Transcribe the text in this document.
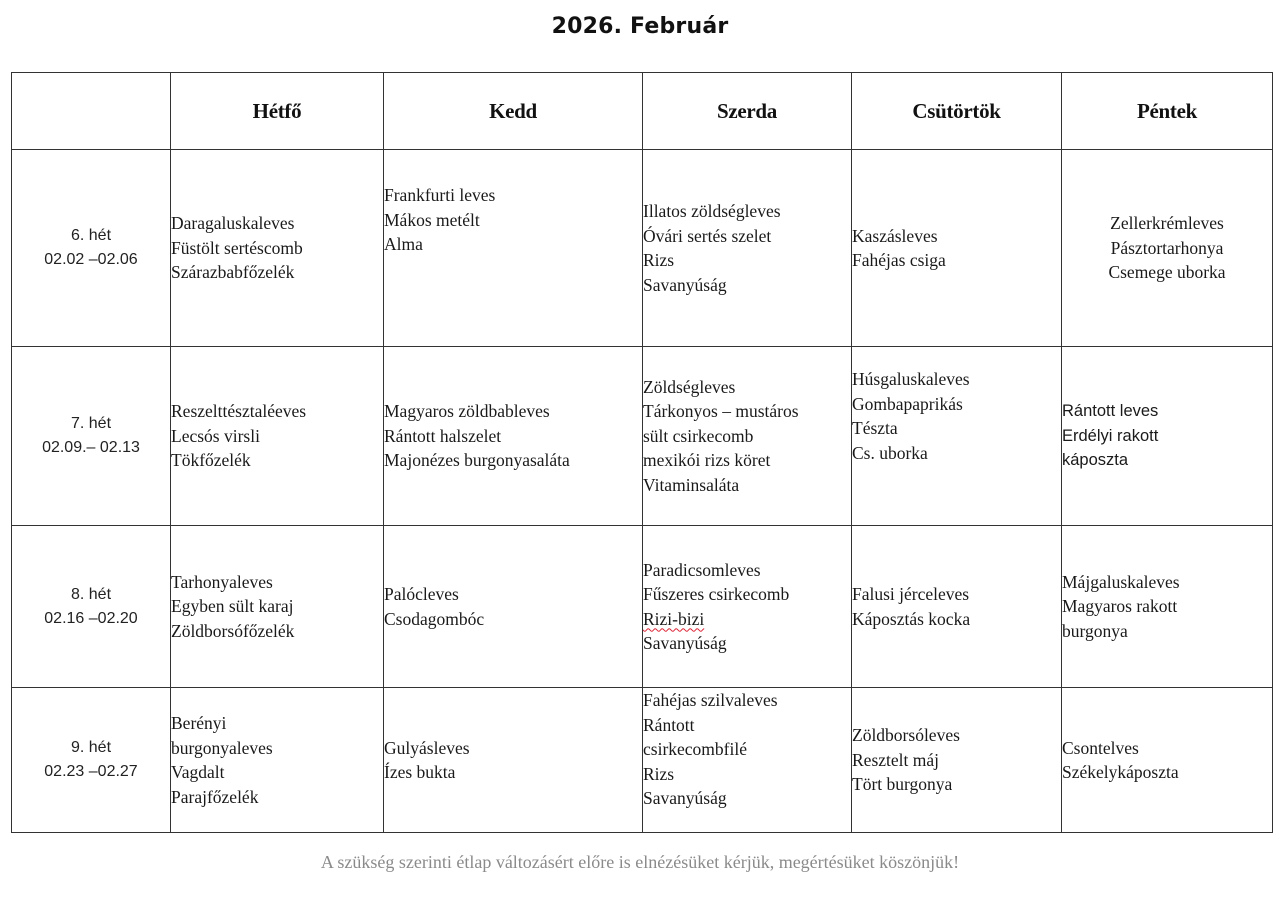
2026. Február
	Hétfő	Kedd	Szerda	Csütörtök	Péntek

6. hét
02.02 –02.06	Daragaluskaleves
Füstölt sertéscomb
Szárazbabfőzelék	Frankfurti leves
Mákos metélt
Alma	Illatos zöldségleves
Óvári sertés szelet
Rizs
Savanyúság	Kaszásleves
Fahéjas csiga	Zellerkrémleves
Pásztortarhonya
Csemege uborka

7. hét
02.09.– 02.13	Reszelttésztaléeves
Lecsós virsli
Tökfőzelék	Magyaros zöldbableves
Rántott halszelet
Majonézes burgonyasaláta	Zöldségleves
Tárkonyos – mustáros
sült csirkecomb
mexikói rizs köret
Vitaminsaláta	Húsgaluskaleves
Gombapaprikás
Tészta
Cs. uborka	Rántott leves
Erdélyi rakott
káposzta

8. hét
02.16 –02.20	Tarhonyaleves
Egyben sült karaj
Zöldborsófőzelék	Palócleves
Csodagombóc	Paradicsomleves
Fűszeres csirkecomb
Rizi-bizi
Savanyúság	Falusi jérceleves
Káposztás kocka	Májgaluskaleves
Magyaros rakott
burgonya

9. hét
02.23 –02.27	Berényi
burgonyaleves
Vagdalt
Parajfőzelék	Gulyásleves
Ízes bukta	Fahéjas szilvaleves
Rántott
csirkecombfilé
Rizs
Savanyúság	Zöldborsóleves
Resztelt máj
Tört burgonya	Csontelves
Székelykáposzta
A szükség szerinti étlap változásért előre is elnézésüket kérjük, megértésüket köszönjük!
